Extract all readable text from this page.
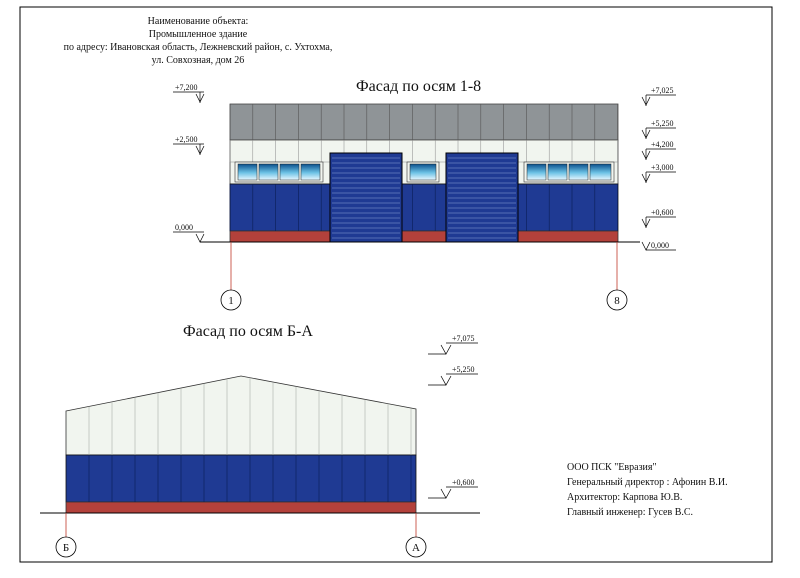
Наименование объекта:
Промышленное здание
по адресу: Ивановская область, Лежневский район, с. Ухтохма,
ул. Совхозная, дом 26
Фасад по осям 1-8
+7,200
+2,500
0,000
+7,025
+5,250
+4,200
+3,000
+0,600
0,000
1	8
Фасад по осям Б-А	+7,075
+5,250
+0,600
Б	А
ООО ПСК "Евразия"
Генеральный директор : Афонин В.И.
Архитектор: Карпова Ю.В.
Главный инженер: Гусев В.С.
